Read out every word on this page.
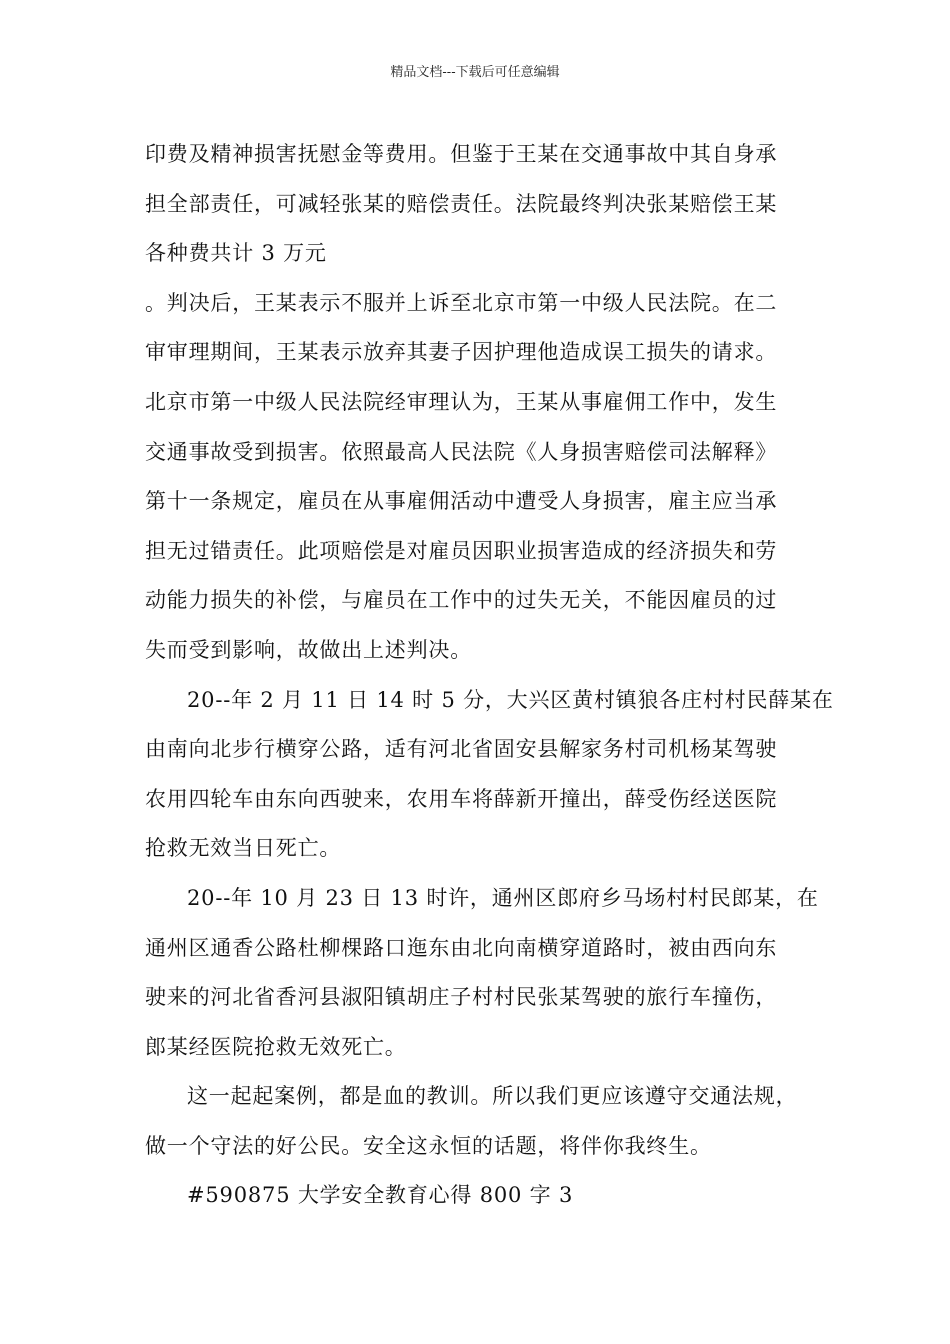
精品文档---下载后可任意编辑
印费及精神损害抚慰金等费用。但鉴于王某在交通事故中其自身承
担全部责任，可减轻张某的赔偿责任。法院最终判决张某赔偿王某
各种费共计 3 万元
。判决后，王某表示不服并上诉至北京市第一中级人民法院。在二
审审理期间，王某表示放弃其妻子因护理他造成误工损失的请求。
北京市第一中级人民法院经审理认为，王某从事雇佣工作中，发生
交通事故受到损害。依照最高人民法院《人身损害赔偿司法解释》
第十一条规定，雇员在从事雇佣活动中遭受人身损害，雇主应当承
担无过错责任。此项赔偿是对雇员因职业损害造成的经济损失和劳
动能力损失的补偿，与雇员在工作中的过失无关，不能因雇员的过
失而受到影响，故做出上述判决。
20--年 2 月 11 日 14 时 5 分，大兴区黄村镇狼各庄村村民薛某在
由南向北步行横穿公路，适有河北省固安县解家务村司机杨某驾驶
农用四轮车由东向西驶来，农用车将薛新开撞出，薛受伤经送医院
抢救无效当日死亡。
20--年 10 月 23 日 13 时许，通州区郎府乡马场村村民郎某，在
通州区通香公路杜柳棵路口迤东由北向南横穿道路时，被由西向东
驶来的河北省香河县淑阳镇胡庄子村村民张某驾驶的旅行车撞伤，
郎某经医院抢救无效死亡。
这一起起案例，都是血的教训。所以我们更应该遵守交通法规，
做一个守法的好公民。安全这永恒的话题，将伴你我终生。
#590875 大学安全教育心得 800 字 3
